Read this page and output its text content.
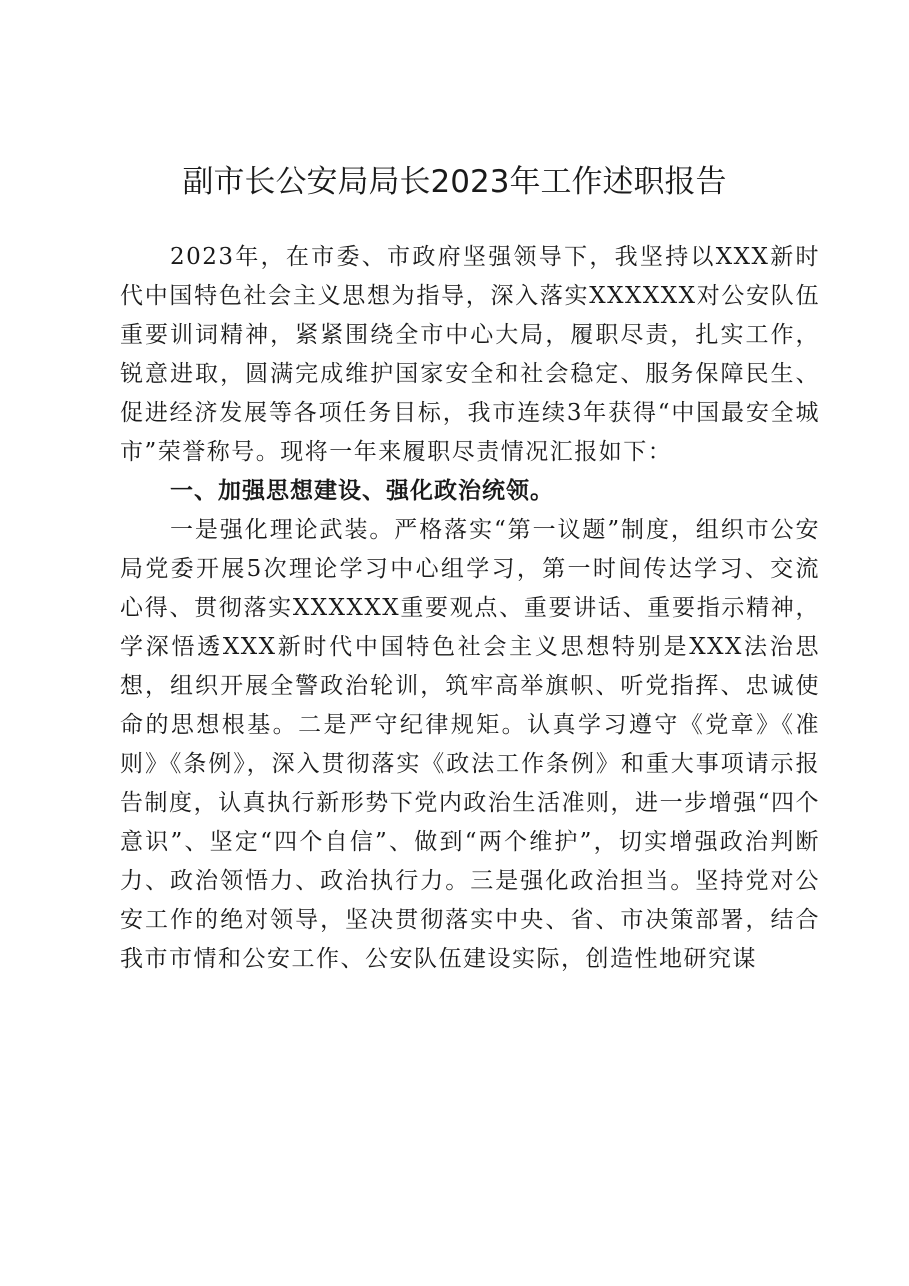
副市长公安局局长2023年工作述职报告

2023年，在市委、市政府坚强领导下，我坚持以XXX新时代中国特色社会主义思想为指导，深入落实XXXXXX对公安队伍重要训词精神，紧紧围绕全市中心大局，履职尽责，扎实工作，锐意进取，圆满完成维护国家安全和社会稳定、服务保障民生、促进经济发展等各项任务目标，我市连续3年获得“中国最安全城市”荣誉称号。现将一年来履职尽责情况汇报如下：

一、加强思想建设、强化政治统领。

一是强化理论武装。严格落实“第一议题”制度，组织市公安局党委开展5次理论学习中心组学习，第一时间传达学习、交流心得、贯彻落实XXXXXX重要观点、重要讲话、重要指示精神，学深悟透XXX新时代中国特色社会主义思想特别是XXX法治思想，组织开展全警政治轮训，筑牢高举旗帜、听党指挥、忠诚使命的思想根基。二是严守纪律规矩。认真学习遵守《党章》《准则》《条例》，深入贯彻落实《政法工作条例》和重大事项请示报告制度，认真执行新形势下党内政治生活准则，进一步增强“四个意识”、坚定“四个自信”、做到“两个维护”，切实增强政治判断力、政治领悟力、政治执行力。三是强化政治担当。坚持党对公安工作的绝对领导，坚决贯彻落实中央、省、市决策部署，结合我市市情和公安工作、公安队伍建设实际，创造性地研究谋
